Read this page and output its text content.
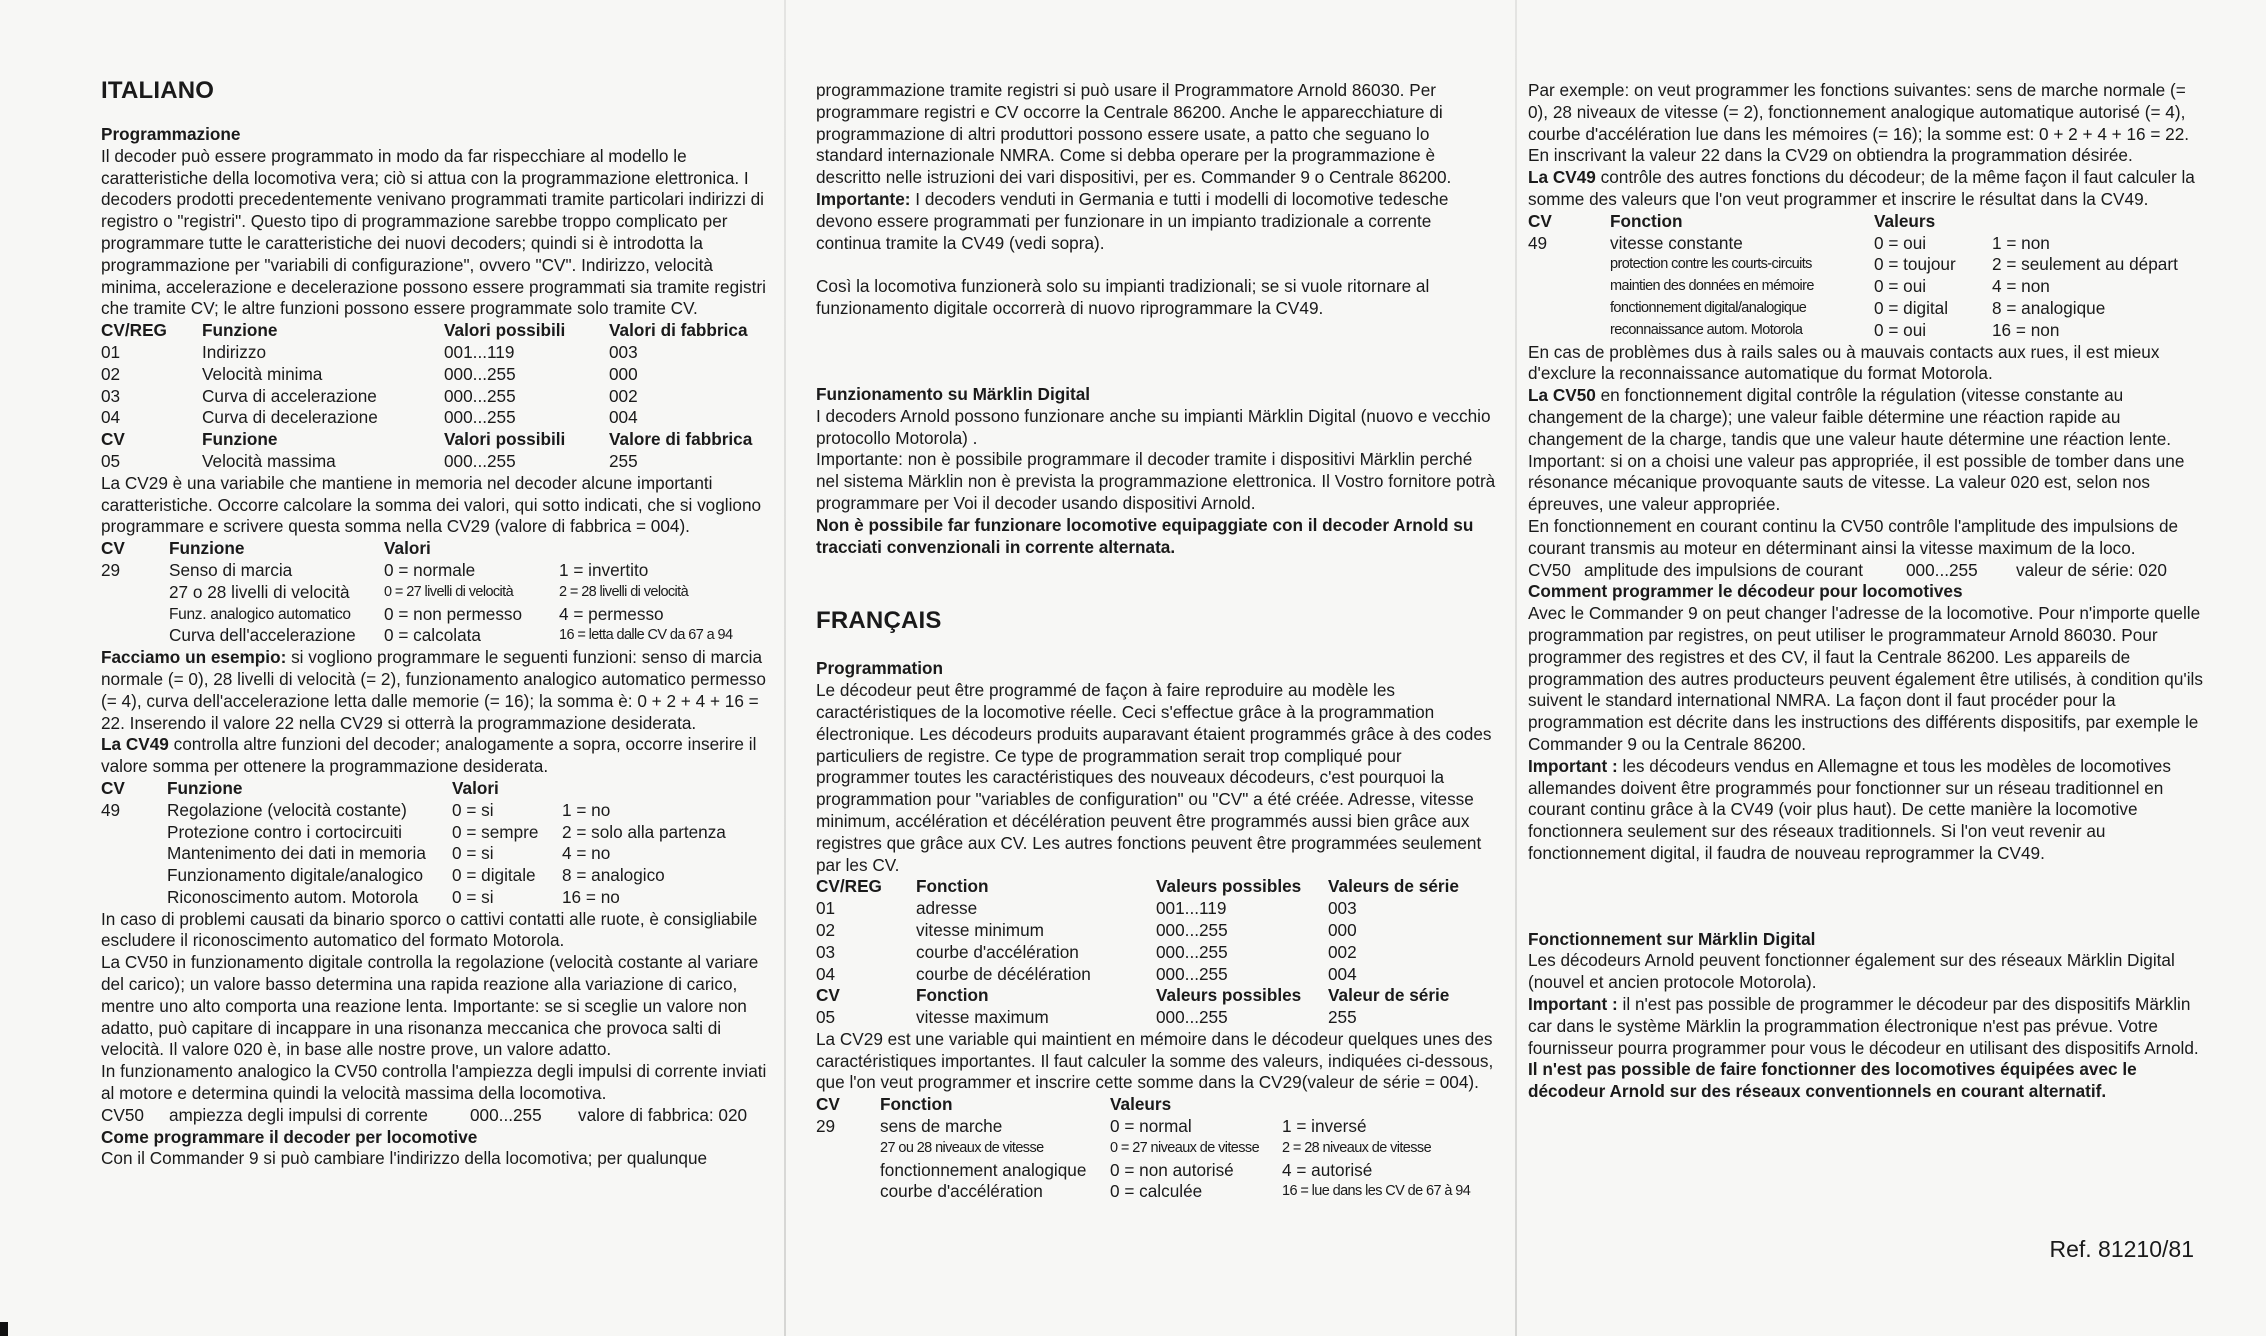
ITALIANO

Programmazione

Il decoder può essere programmato in modo da far rispecchiare al modello le caratteristiche della locomotiva vera; ciò si attua con la programmazione elettronica. I decoders prodotti precedentemente venivano programmati tramite particolari indirizzi di registro o "registri". Questo tipo di programmazione sarebbe troppo complicato per programmare tutte le caratteristiche dei nuovi decoders; quindi si è introdotta la programmazione per "variabili di configurazione", ovvero "CV". Indirizzo, velocità minima, accelerazione e decelerazione possono essere programmati sia tramite registri che tramite CV; le altre funzioni possono essere programmate solo tramite CV.

CV/REG	Funzione	Valori possibili	Valori di fabbrica
01	Indirizzo	001...119	003
02	Velocità minima	000...255	000
03	Curva di accelerazione	000...255	002
04	Curva di decelerazione	000...255	004
CV	Funzione	Valori possibili	Valore di fabbrica
05	Velocità massima	000...255	255

La CV29 è una variabile che mantiene in memoria nel decoder alcune importanti caratteristiche. Occorre calcolare la somma dei valori, qui sotto indicati, che si vogliono programmare e scrivere questa somma nella CV29 (valore di fabbrica = 004).

CV	Funzione	Valori	
29	Senso di marcia	0 = normale	1 = invertito
	27 o 28 livelli di velocità	0 = 27 livelli di velocità	2 = 28 livelli di velocità
	Funz. analogico automatico	0 = non permesso	4 = permesso
	Curva dell'accelerazione	0 = calcolata	16 = letta dalle CV da 67 a 94

Facciamo un esempio: si vogliono programmare le seguenti funzioni: senso di marcia normale (= 0), 28 livelli di velocità (= 2), funzionamento analogico automatico permesso (= 4), curva dell'accelerazione letta dalle memorie (= 16); la somma è: 0 + 2 + 4 + 16 = 22. Inserendo il valore 22 nella CV29 si otterrà la programmazione desiderata.

La CV49 controlla altre funzioni del decoder; analogamente a sopra, occorre inserire il valore somma per ottenere la programmazione desiderata.

CV	Funzione	Valori	
49	Regolazione (velocità costante)	0 = si	1 = no
	Protezione contro i cortocircuiti	0 = sempre	2 = solo alla partenza
	Mantenimento dei dati in memoria	0 = si	4 = no
	Funzionamento digitale/analogico	0 = digitale	8 = analogico
	Riconoscimento autom. Motorola	0 = si	16 = no

In caso di problemi causati da binario sporco o cattivi contatti alle ruote, è consigliabile escludere il riconoscimento automatico del formato Motorola.

La CV50 in funzionamento digitale controlla la regolazione (velocità costante al variare del carico); un valore basso determina una rapida reazione alla variazione di carico, mentre uno alto comporta una reazione lenta. Importante: se si sceglie un valore non adatto, può capitare di incappare in una risonanza meccanica che provoca salti di velocità. Il valore 020 è, in base alle nostre prove, un valore adatto.

In funzionamento analogico la CV50 controlla l'ampiezza degli impulsi di corrente inviati al motore e determina quindi la velocità massima della locomotiva.

CV50	ampiezza degli impulsi di corrente	000...255	valore di fabbrica: 020

Come programmare il decoder per locomotive

Con il Commander 9 si può cambiare l'indirizzo della locomotiva; per qualunque

programmazione tramite registri si può usare il Programmatore Arnold 86030. Per programmare registri e CV occorre la Centrale 86200. Anche le apparecchiature di programmazione di altri produttori possono essere usate, a patto che seguano lo standard internazionale NMRA. Come si debba operare per la programmazione è descritto nelle istruzioni dei vari dispositivi, per es. Commander 9 o Centrale 86200.

Importante: I decoders venduti in Germania e tutti i modelli di locomotive tedesche devono essere programmati per funzionare in un impianto tradizionale a corrente continua tramite la CV49 (vedi sopra).

Così la locomotiva funzionerà solo su impianti tradizionali; se si vuole ritornare al funzionamento digitale occorrerà di nuovo riprogrammare la CV49.

Funzionamento su Märklin Digital

I decoders Arnold possono funzionare anche su impianti Märklin Digital (nuovo e vecchio protocollo Motorola) .

Importante: non è possibile programmare il decoder tramite i dispositivi Märklin perché nel sistema Märklin non è prevista la programmazione elettronica. Il Vostro fornitore potrà programmare per Voi il decoder usando dispositivi Arnold.

Non è possibile far funzionare locomotive equipaggiate con il decoder Arnold su tracciati convenzionali in corrente alternata.

FRANÇAIS

Programmation

Le décodeur peut être programmé de façon à faire reproduire au modèle les caractéristiques de la locomotive réelle. Ceci s'effectue grâce à la programmation électronique. Les décodeurs produits auparavant étaient programmés grâce à des codes particuliers de registre. Ce type de programmation serait trop compliqué pour programmer toutes les caractéristiques des nouveaux décodeurs, c'est pourquoi la programmation pour "variables de configuration" ou "CV" a été créée. Adresse, vitesse minimum, accélération et décélération peuvent être programmés aussi bien grâce aux registres que grâce aux CV. Les autres fonctions peuvent être programmées seulement par les CV.

CV/REG	Fonction	Valeurs possibles	Valeurs de série
01	adresse	001...119	003
02	vitesse minimum	000...255	000
03	courbe d'accélération	000...255	002
04	courbe de décélération	000...255	004
CV	Fonction	Valeurs possibles	Valeur de série
05	vitesse maximum	000...255	255

La CV29 est une variable qui maintient en mémoire dans le décodeur quelques unes des caractéristiques importantes. Il faut calculer la somme des valeurs, indiquées ci-dessous, que l'on veut programmer et inscrire cette somme dans la CV29(valeur de série = 004).

CV	Fonction	Valeurs	
29	sens de marche	0 = normal	1 = inversé
	27 ou 28 niveaux de vitesse	0 = 27 niveaux de vitesse	2 = 28 niveaux de vitesse
	fonctionnement analogique	0 = non autorisé	4 = autorisé
	courbe d'accélération	0 = calculée	16 = lue dans les CV de 67 à 94

Par exemple: on veut programmer les fonctions suivantes: sens de marche normale (= 0), 28 niveaux de vitesse (= 2), fonctionnement analogique automatique autorisé (= 4), courbe d'accélération lue dans les mémoires (= 16); la somme est: 0 + 2 + 4 + 16 = 22. En inscrivant la valeur 22 dans la CV29 on obtiendra la programmation désirée.

La CV49 contrôle des autres fonctions du décodeur; de la même façon il faut calculer la somme des valeurs que l'on veut programmer et inscrire le résultat dans la CV49.

CV	Fonction	Valeurs	
49	vitesse constante	0 = oui	1 = non
	protection contre les courts-circuits	0 = toujour	2 = seulement au départ
	maintien des données en mémoire	0 = oui	4 = non
	fonctionnement digital/analogique	0 = digital	8 = analogique
	reconnaissance autom. Motorola	0 = oui	16 = non

En cas de problèmes dus à rails sales ou à mauvais contacts aux rues, il est mieux d'exclure la reconnaissance automatique du format Motorola.

La CV50 en fonctionnement digital contrôle la régulation (vitesse constante au changement de la charge); une valeur faible détermine une réaction rapide au changement de la charge, tandis que une valeur haute détermine une réaction lente. Important: si on a choisi une valeur pas appropriée, il est possible de tomber dans une résonance mécanique provoquante sauts de vitesse. La valeur 020 est, selon nos épreuves, une valeur appropriée.

En fonctionnement en courant continu la CV50 contrôle l'amplitude des impulsions de courant transmis au moteur en déterminant ainsi la vitesse maximum de la loco.

CV50	amplitude des impulsions de courant	000...255	valeur de série: 020

Comment programmer le décodeur pour locomotives

Avec le Commander 9 on peut changer l'adresse de la locomotive. Pour n'importe quelle programmation par registres, on peut utiliser le programmateur Arnold 86030. Pour programmer des registres et des CV, il faut la Centrale 86200. Les appareils de programmation des autres producteurs peuvent également être utilisés, à condition qu'ils suivent le standard international NMRA. La façon dont il faut procéder pour la programmation est décrite dans les instructions des différents dispositifs, par exemple le Commander 9 ou la Centrale 86200.

Important : les décodeurs vendus en Allemagne et tous les modèles de locomotives allemandes doivent être programmés pour fonctionner sur un réseau traditionnel en courant continu grâce à la CV49 (voir plus haut). De cette manière la locomotive fonctionnera seulement sur des réseaux traditionnels. Si l'on veut revenir au fonctionnement digital, il faudra de nouveau reprogrammer la CV49.

Fonctionnement sur Märklin Digital

Les décodeurs Arnold peuvent fonctionner également sur des réseaux Märklin Digital (nouvel et ancien protocole Motorola).

Important : il n'est pas possible de programmer le décodeur par des dispositifs Märklin car dans le système Märklin la programmation électronique n'est pas prévue. Votre fournisseur pourra programmer pour vous le décodeur en utilisant des dispositifs Arnold.

Il n'est pas possible de faire fonctionner des locomotives équipées avec le décodeur Arnold sur des réseaux conventionnels en courant alternatif.

Ref. 81210/81
